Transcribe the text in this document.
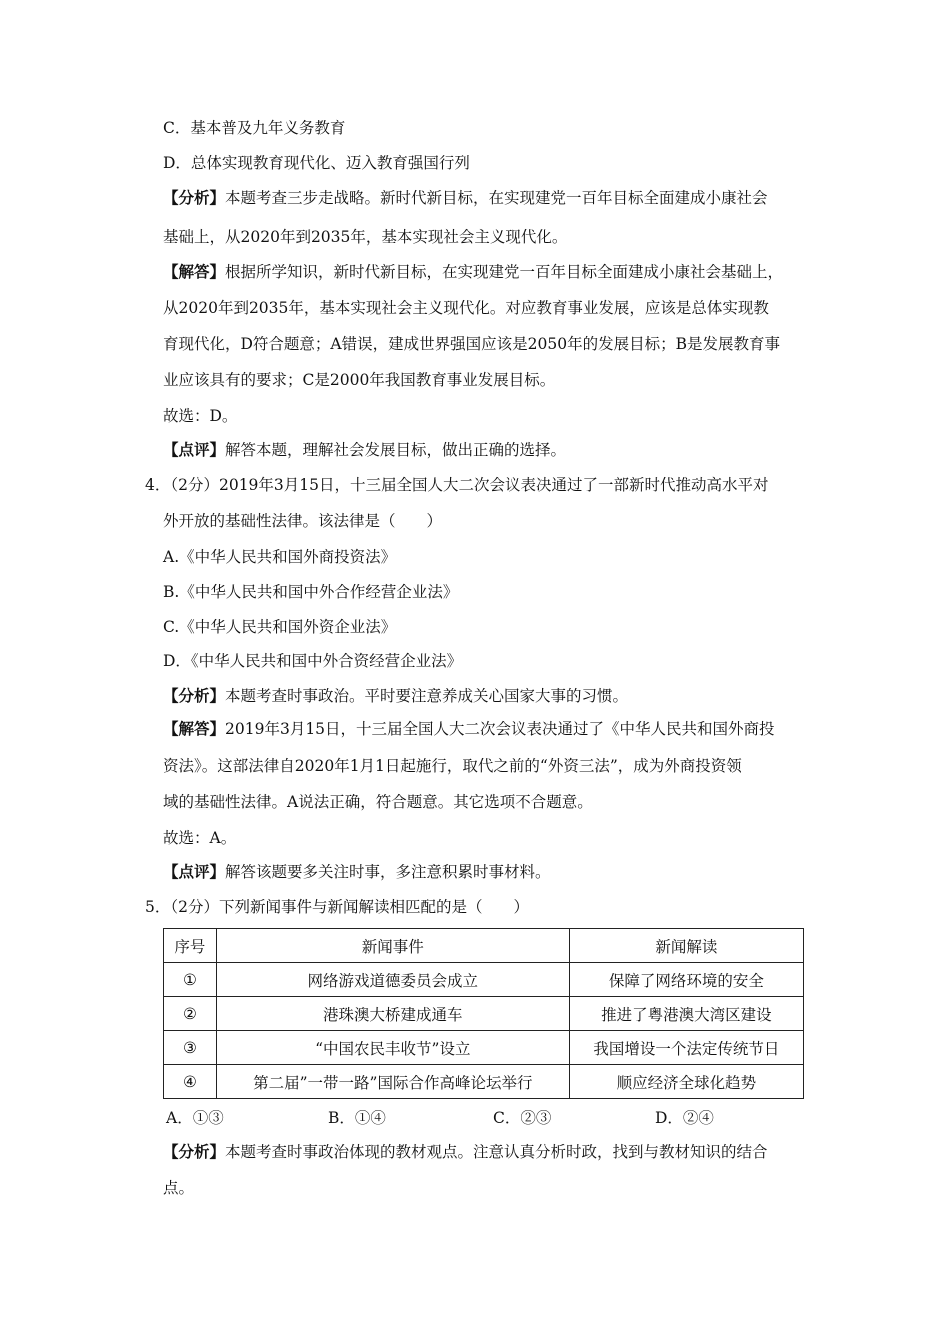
C．基本普及九年义务教育
D．总体实现教育现代化、迈入教育强国行列
【分析】本题考查三步走战略。新时代新目标，在实现建党一百年目标全面建成小康社会
基础上，从2020年到2035年，基本实现社会主义现代化。
【解答】根据所学知识，新时代新目标，在实现建党一百年目标全面建成小康社会基础上，
从2020年到2035年，基本实现社会主义现代化。对应教育事业发展，应该是总体实现教
育现代化，D符合题意；A错误，建成世界强国应该是2050年的发展目标；B是发展教育事
业应该具有的要求；C是2000年我国教育事业发展目标。
故选：D。
【点评】解答本题，理解社会发展目标，做出正确的选择。
4．（2分）2019年3月15日，十三届全国人大二次会议表决通过了一部新时代推动高水平对
外开放的基础性法律。该法律是（　　）
A.《中华人民共和国外商投资法》
B.《中华人民共和国中外合作经营企业法》
C.《中华人民共和国外资企业法》
D．《中华人民共和国中外合资经营企业法》
【分析】本题考查时事政治。平时要注意养成关心国家大事的习惯。
【解答】2019年3月15日，十三届全国人大二次会议表决通过了《中华人民共和国外商投
资法》。这部法律自2020年1月1日起施行，取代之前的“外资三法”，成为外商投资领
域的基础性法律。A说法正确，符合题意。其它选项不合题意。
故选：A。
【点评】解答该题要多关注时事，多注意积累时事材料。
5．（2分）下列新闻事件与新闻解读相匹配的是（　　）
序号	新闻事件	新闻解读
①	网络游戏道德委员会成立	保障了网络环境的安全
②	港珠澳大桥建成通车	推进了粤港澳大湾区建设
③	“中国农民丰收节”设立	我国增设一个法定传统节日
④	第二届”一带一路”国际合作高峰论坛举行	顺应经济全球化趋势
A．①③	B．①④	C．②③	D．②④
【分析】本题考查时事政治体现的教材观点。注意认真分析时政，找到与教材知识的结合
点。
